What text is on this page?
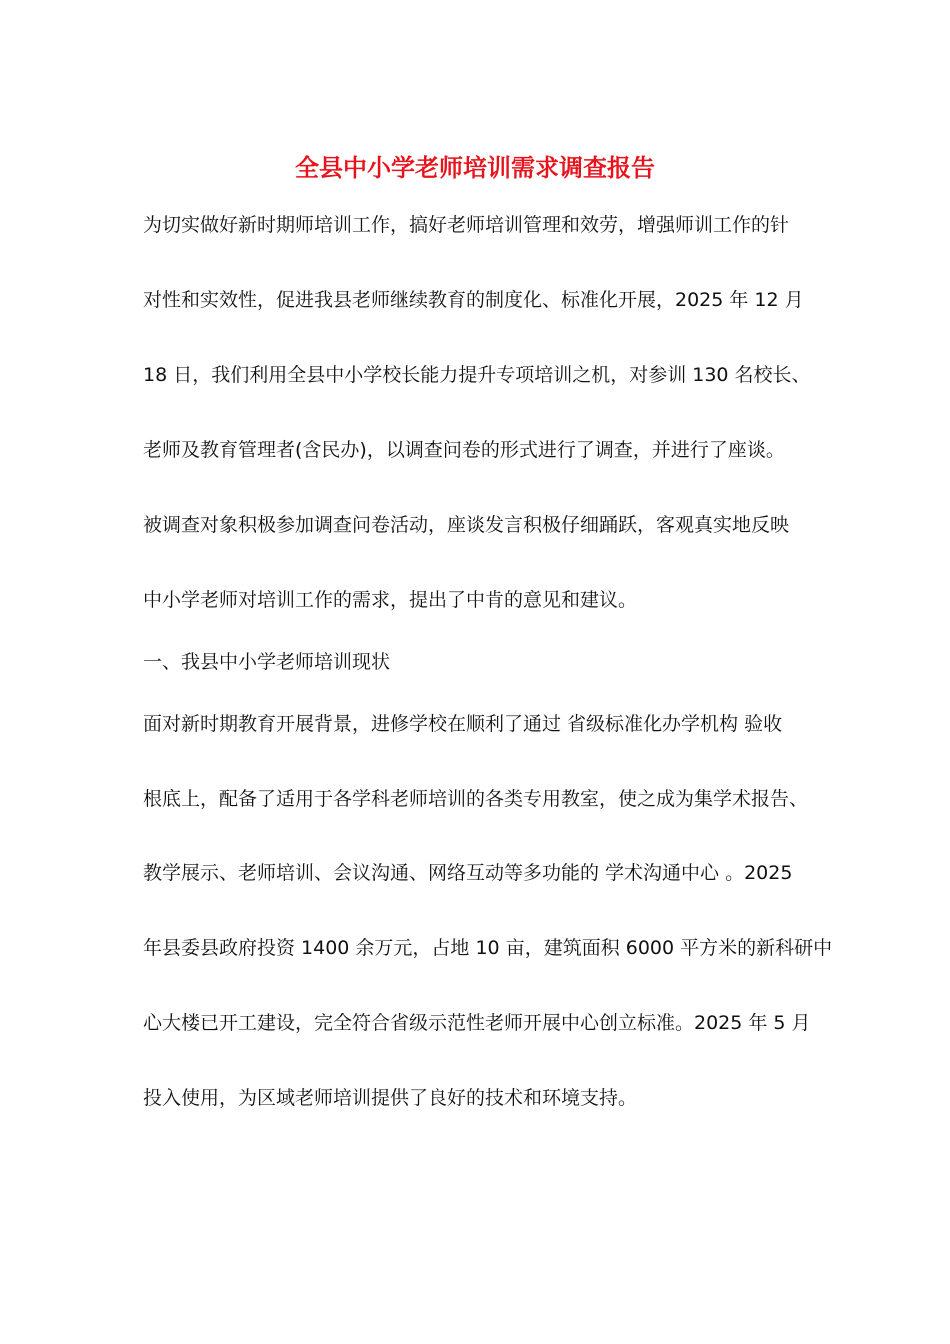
全县中小学老师培训需求调查报告
为切实做好新时期师培训工作，搞好老师培训管理和效劳，增强师训工作的针
对性和实效性，促进我县老师继续教育的制度化、标准化开展，2025 年 12 月
18 日，我们利用全县中小学校长能力提升专项培训之机，对参训 130 名校长、
老师及教育管理者(含民办)，以调查问卷的形式进行了调查，并进行了座谈。
被调查对象积极参加调查问卷活动，座谈发言积极仔细踊跃，客观真实地反映
中小学老师对培训工作的需求，提出了中肯的意见和建议。
一、我县中小学老师培训现状
面对新时期教育开展背景，进修学校在顺利了通过 省级标准化办学机构 验收
根底上，配备了适用于各学科老师培训的各类专用教室，使之成为集学术报告、
教学展示、老师培训、会议沟通、网络互动等多功能的 学术沟通中心 。2025
年县委县政府投资 1400 余万元，占地 10 亩，建筑面积 6000 平方米的新科研中
心大楼已开工建设，完全符合省级示范性老师开展中心创立标准。2025 年 5 月
投入使用，为区域老师培训提供了良好的技术和环境支持。
